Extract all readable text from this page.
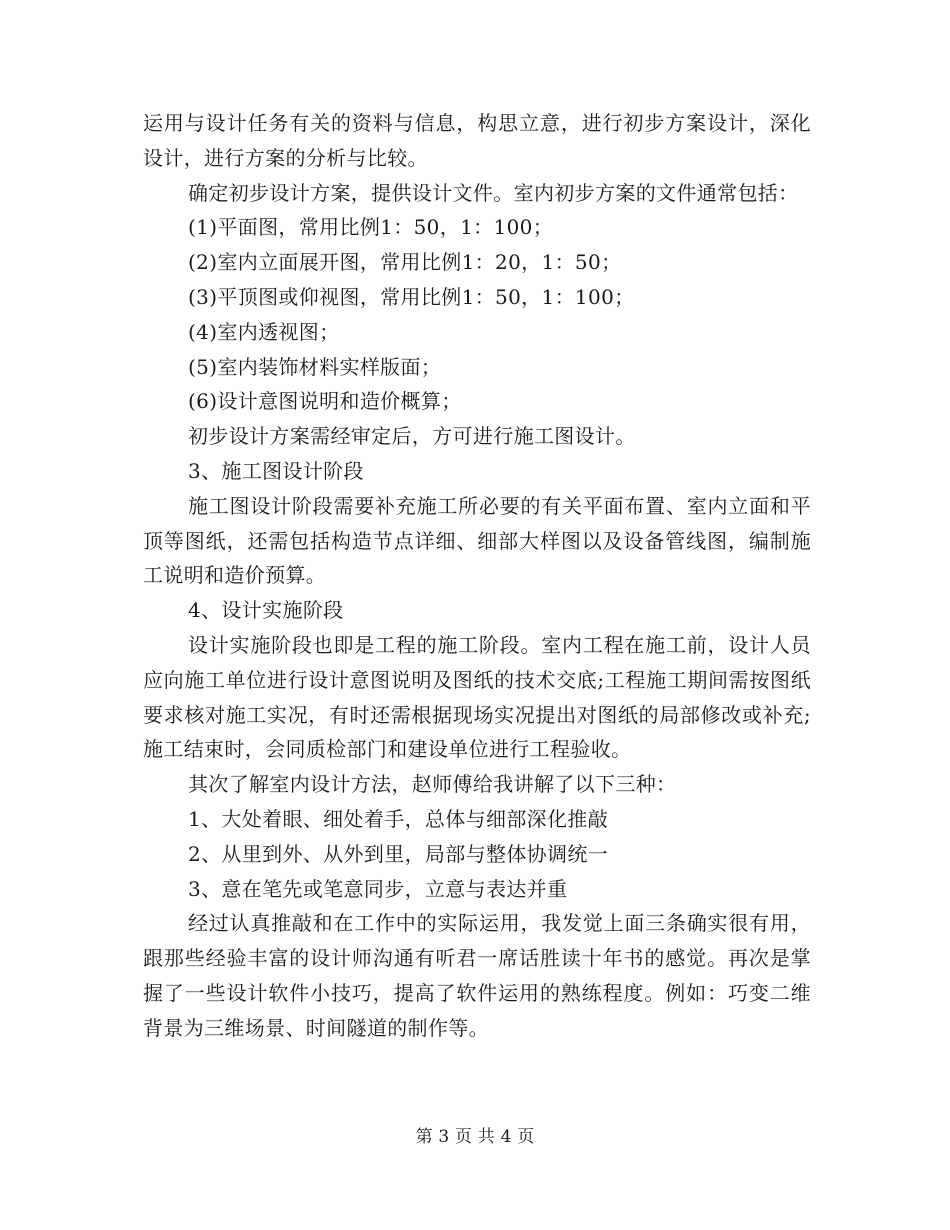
运用与设计任务有关的资料与信息，构思立意，进行初步方案设计，深化设计，进行方案的分析与比较。

确定初步设计方案，提供设计文件。室内初步方案的文件通常包括：

(1)平面图，常用比例1：50，1：100；

(2)室内立面展开图，常用比例1：20，1：50；

(3)平顶图或仰视图，常用比例1：50，1：100；

(4)室内透视图；

(5)室内装饰材料实样版面；

(6)设计意图说明和造价概算；

初步设计方案需经审定后，方可进行施工图设计。

3、施工图设计阶段

施工图设计阶段需要补充施工所必要的有关平面布置、室内立面和平顶等图纸，还需包括构造节点详细、细部大样图以及设备管线图，编制施工说明和造价预算。

4、设计实施阶段

设计实施阶段也即是工程的施工阶段。室内工程在施工前，设计人员应向施工单位进行设计意图说明及图纸的技术交底;工程施工期间需按图纸要求核对施工实况，有时还需根据现场实况提出对图纸的局部修改或补充;施工结束时，会同质检部门和建设单位进行工程验收。

其次了解室内设计方法，赵师傅给我讲解了以下三种：

1、大处着眼、细处着手，总体与细部深化推敲

2、从里到外、从外到里，局部与整体协调统一

3、意在笔先或笔意同步，立意与表达并重

经过认真推敲和在工作中的实际运用，我发觉上面三条确实很有用，跟那些经验丰富的设计师沟通有听君一席话胜读十年书的感觉。再次是掌握了一些设计软件小技巧，提高了软件运用的熟练程度。例如：巧变二维背景为三维场景、时间隧道的制作等。

第 3 页 共 4 页
